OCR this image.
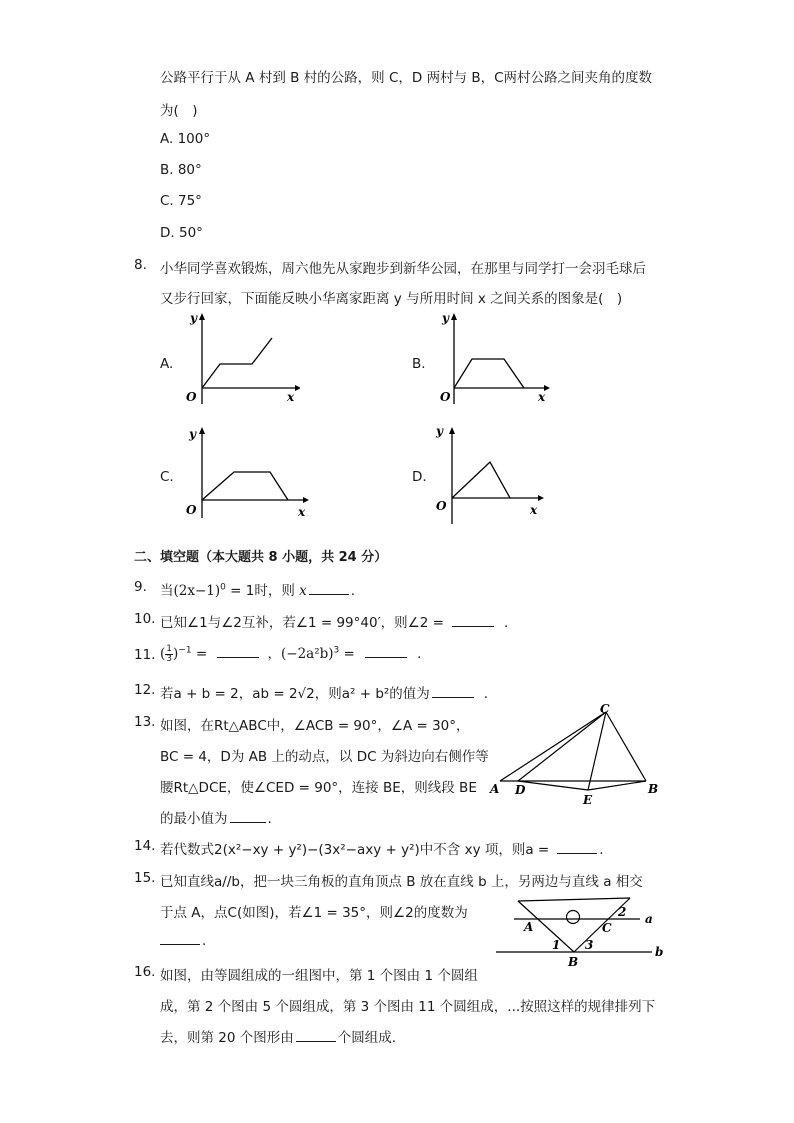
公路平行于从 A 村到 B 村的公路，则 C，D 两村与 B，C两村公路之间夹角的度数
为(　)
A. 100°
B. 80°
C. 75°
D. 50°
8. 小华同学喜欢锻炼，周六他先从家跑步到新华公园，在那里与同学打一会羽毛球后
又步行回家，下面能反映小华离家距离 y 与所用时间 x 之间关系的图象是(　)
A.
y
O	x
B.
y
O	x
C.
y
O	x
D.
y
O	x
二、填空题（本大题共 8 小题，共 24 分）
9. 当$(2x-1)^0 = 1$时，则 x	.
10. 已知∠1与∠2互补，若∠1 = 99°40′，则∠2 =	.
11. ( $\frac{1}{3} )^{-1}$ =	，$(-2a^2b)^3$ =	.
12. 若a + b = 2，ab = 2√2，则a² + b²的值为	.
13. 如图，在Rt△ABC中，∠ACB = 90°，∠A = 30°，
BC = 4，D为 AB 上的动点，以 DC 为斜边向右侧作等
腰Rt△DCE，使∠CED = 90°，连接 BE，则线段 BE
的最小值为	.
C
A D
E
B
14. 若代数式2(x²−xy + y²)−(3x²−axy + y²)中不含 xy 项，则a =	.
15. 已知直线a//b，把一块三角板的直角顶点 B 放在直线 b 上，另两边与直线 a 相交
于点 A，点C(如图)，若∠1 = 35°，则∠2的度数为
.
a
b
A	C
B
1
2
3
16. 如图，由等圆组成的一组图中，第 1 个图由 1 个圆组
成，第 2 个图由 5 个圆组成，第 3 个图由 11 个圆组成，...按照这样的规律排列下
去，则第 20 个图形由	个圆组成.
